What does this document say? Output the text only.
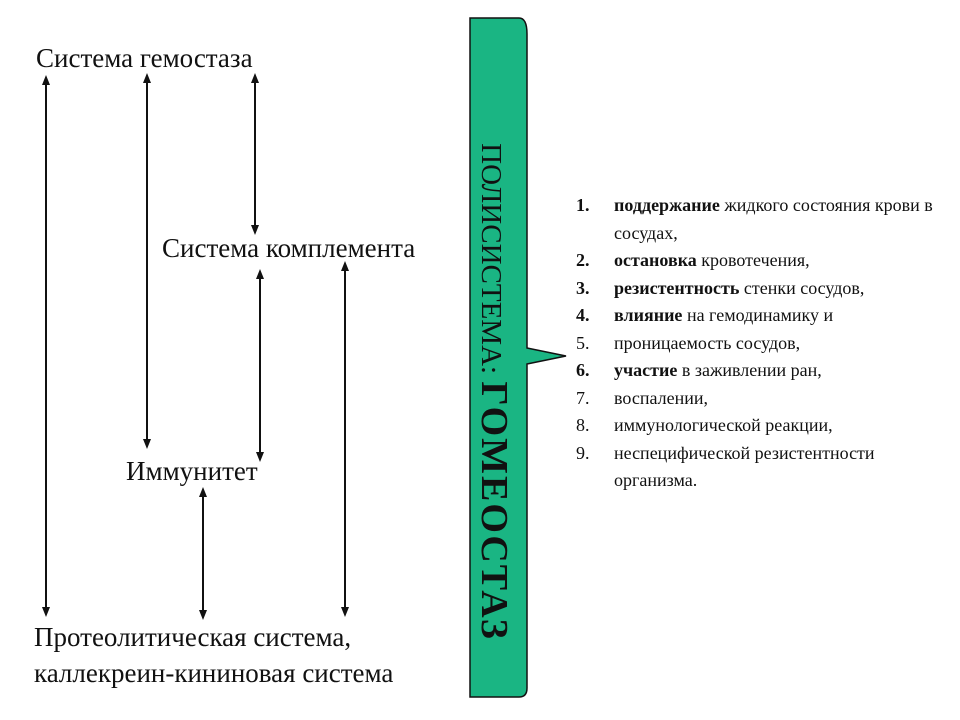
Система гемостаза
Система комплемента
Иммунитет
Протеолитическая система,
каллекреин-кининовая система
ПОЛИСИСТЕМА: ГОМЕОСТАЗ
1. поддержание жидкого состояния крови в сосудах,
2. остановка кровотечения,
3. резистентность стенки сосудов,
4. влияние на гемодинамику и
5. проницаемость сосудов,
6. участие в заживлении ран,
7. воспалении,
8. иммунологической реакции,
9. неспецифической резистентности организма.
